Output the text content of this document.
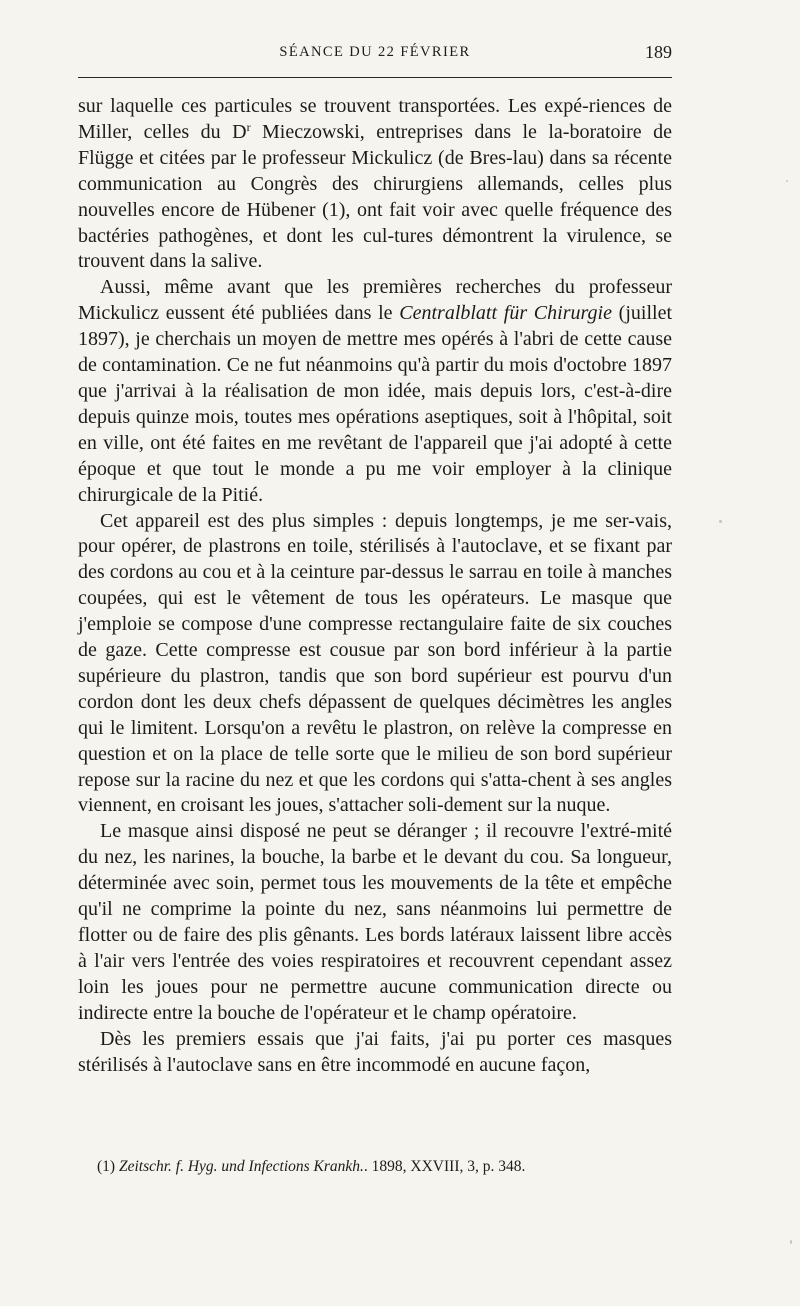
SÉANCE DU 22 FÉVRIER	189

sur laquelle ces particules se trouvent transportées. Les expé-riences de Miller, celles du $D^r$ Mieczowski, entreprises dans le la-boratoire de Flügge et citées par le professeur Mickulicz (de Bres-lau) dans sa récente communication au Congrès des chirurgiens allemands, celles plus nouvelles encore de Hübener (1), ont fait voir avec quelle fréquence des bactéries pathogènes, et dont les cul-tures démontrent la virulence, se trouvent dans la salive.

Aussi, même avant que les premières recherches du professeur Mickulicz eussent été publiées dans le Centralblatt für Chirurgie (juillet 1897), je cherchais un moyen de mettre mes opérés à l'abri de cette cause de contamination. Ce ne fut néanmoins qu'à partir du mois d'octobre 1897 que j'arrivai à la réalisation de mon idée, mais depuis lors, c'est-à-dire depuis quinze mois, toutes mes opérations aseptiques, soit à l'hôpital, soit en ville, ont été faites en me revêtant de l'appareil que j'ai adopté à cette époque et que tout le monde a pu me voir employer à la clinique chirurgicale de la Pitié.

Cet appareil est des plus simples : depuis longtemps, je me ser-vais, pour opérer, de plastrons en toile, stérilisés à l'autoclave, et se fixant par des cordons au cou et à la ceinture par-dessus le sarrau en toile à manches coupées, qui est le vêtement de tous les opérateurs. Le masque que j'emploie se compose d'une compresse rectangulaire faite de six couches de gaze. Cette compresse est cousue par son bord inférieur à la partie supérieure du plastron, tandis que son bord supérieur est pourvu d'un cordon dont les deux chefs dépassent de quelques décimètres les angles qui le limitent. Lorsqu'on a revêtu le plastron, on relève la compresse en question et on la place de telle sorte que le milieu de son bord supérieur repose sur la racine du nez et que les cordons qui s'atta-chent à ses angles viennent, en croisant les joues, s'attacher soli-dement sur la nuque.

Le masque ainsi disposé ne peut se déranger ; il recouvre l'extré-mité du nez, les narines, la bouche, la barbe et le devant du cou. Sa longueur, déterminée avec soin, permet tous les mouvements de la tête et empêche qu'il ne comprime la pointe du nez, sans néanmoins lui permettre de flotter ou de faire des plis gênants. Les bords latéraux laissent libre accès à l'air vers l'entrée des voies respiratoires et recouvrent cependant assez loin les joues pour ne permettre aucune communication directe ou indirecte entre la bouche de l'opérateur et le champ opératoire.

Dès les premiers essais que j'ai faits, j'ai pu porter ces masques stérilisés à l'autoclave sans en être incommodé en aucune façon,

(1) Zeitschr. f. Hyg. und Infections Krankh.. 1898, XXVIII, 3, p. 348.
